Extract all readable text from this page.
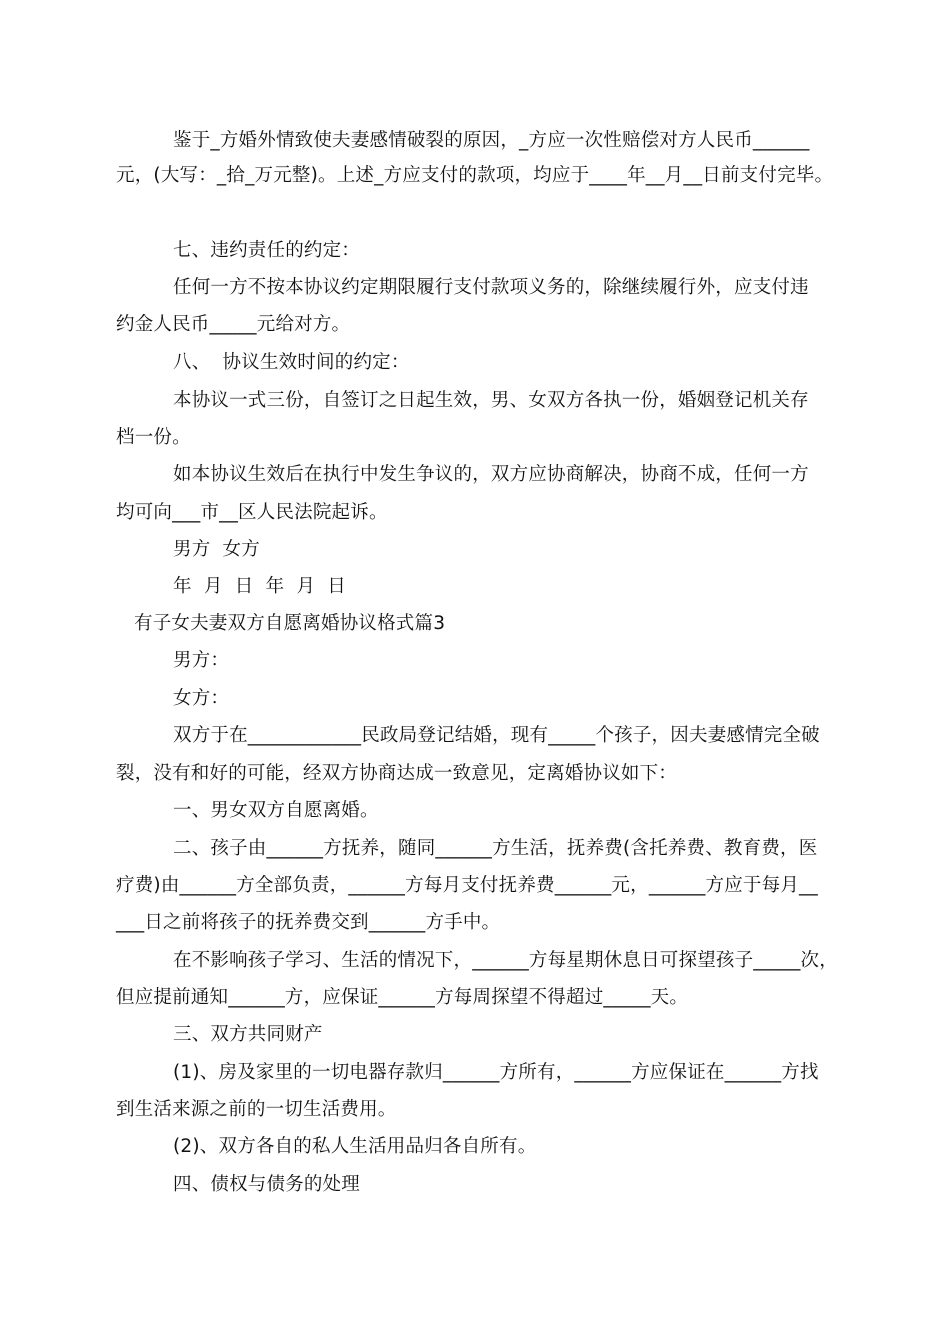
鉴于_方婚外情致使夫妻感情破裂的原因，_方应一次性赔偿对方人民币______
元，(大写：_拾_万元整)。上述_方应支付的款项，均应于____年__月__日前支付完毕。
七、违约责任的约定：
任何一方不按本协议约定期限履行支付款项义务的，除继续履行外，应支付违
约金人民币_____元给对方。
八、  协议生效时间的约定：
本协议一式三份，自签订之日起生效，男、女双方各执一份，婚姻登记机关存
档一份。
如本协议生效后在执行中发生争议的，双方应协商解决，协商不成，任何一方
均可向___市__区人民法院起诉。
男方  女方
年  月  日  年  月  日
有子女夫妻双方自愿离婚协议格式篇3
男方：
女方：
双方于在____________民政局登记结婚，现有_____个孩子，因夫妻感情完全破
裂，没有和好的可能，经双方协商达成一致意见，定离婚协议如下：
一、男女双方自愿离婚。
二、孩子由______方抚养，随同______方生活，抚养费(含托养费、教育费，医
疗费)由______方全部负责，______方每月支付抚养费______元，______方应于每月__
___日之前将孩子的抚养费交到______方手中。
在不影响孩子学习、生活的情况下，______方每星期休息日可探望孩子_____次，
但应提前通知______方，应保证______方每周探望不得超过_____天。
三、双方共同财产
(1)、房及家里的一切电器存款归______方所有，______方应保证在______方找
到生活来源之前的一切生活费用。
(2)、双方各自的私人生活用品归各自所有。
四、债权与债务的处理
